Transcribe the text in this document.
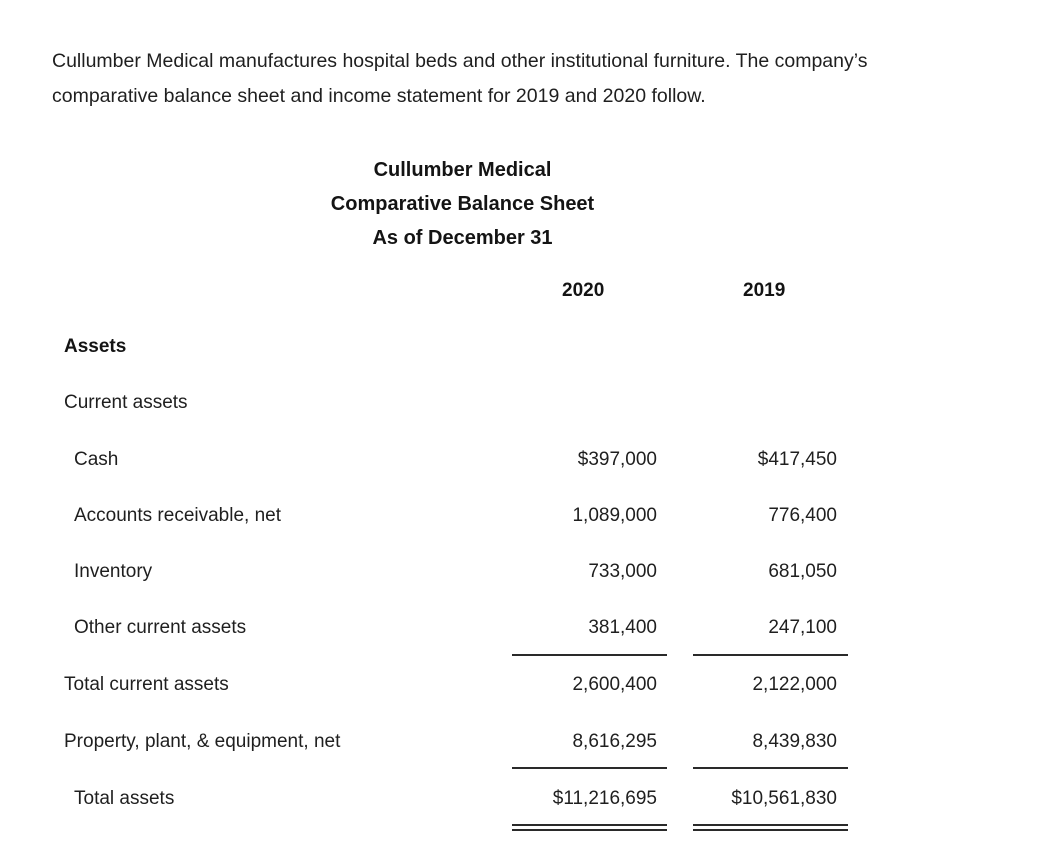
Cullumber Medical manufactures hospital beds and other institutional furniture. The company’s

comparative balance sheet and income statement for 2019 and 2020 follow.

Cullumber Medical
Comparative Balance Sheet
As of December 31
2020	2019
Assets
Current assets
Cash	$397,000	$417,450
Accounts receivable, net	1,089,000	776,400
Inventory	733,000	681,050
Other current assets	381,400	247,100
Total current assets	2,600,400	2,122,000
Property, plant, & equipment, net	8,616,295	8,439,830
Total assets	$11,216,695	$10,561,830
